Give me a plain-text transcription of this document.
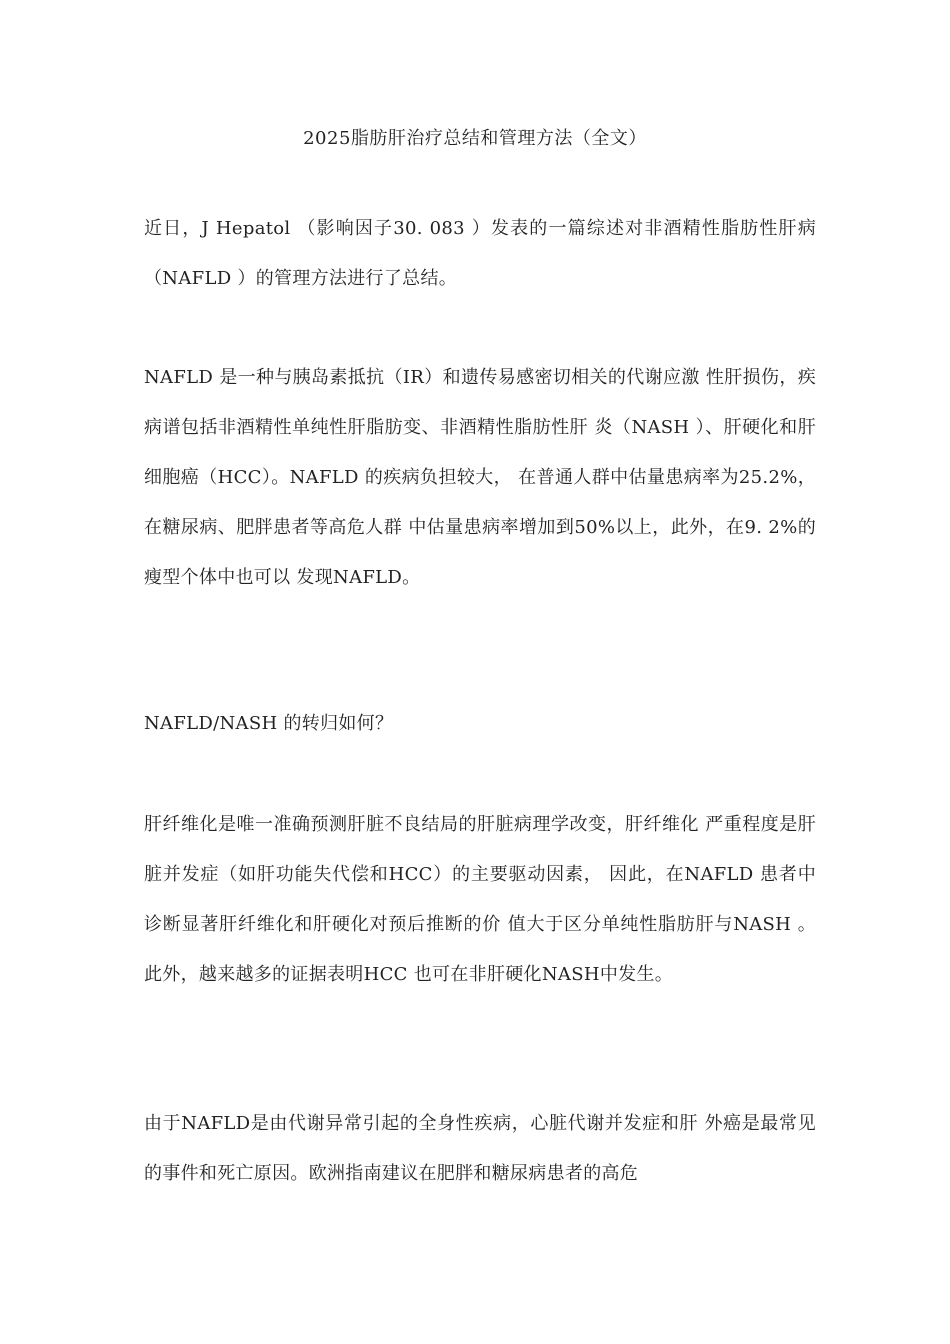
2025脂肪肝治疗总结和管理方法（全文）
近日，J Hepatol （影响因子30. 083 ）发表的一篇综述对非酒精性脂肪性肝病（NAFLD ）的管理方法进行了总结。
NAFLD 是一种与胰岛素抵抗（IR）和遗传易感密切相关的代谢应激 性肝损伤，疾病谱包括非酒精性单纯性肝脂肪变、非酒精性脂肪性肝 炎（NASH ）、肝硬化和肝细胞癌（HCC）。NAFLD 的疾病负担较大， 在普通人群中估量患病率为25.2%，在糖尿病、肥胖患者等高危人群 中估量患病率增加到50%以上，此外，在9. 2%的瘦型个体中也可以 发现NAFLD。
NAFLD/NASH 的转归如何？
肝纤维化是唯一准确预测肝脏不良结局的肝脏病理学改变，肝纤维化 严重程度是肝脏并发症（如肝功能失代偿和HCC）的主要驱动因素， 因此，在NAFLD 患者中诊断显著肝纤维化和肝硬化对预后推断的价 值大于区分单纯性脂肪肝与NASH 。此外，越来越多的证据表明HCC 也可在非肝硬化NASH中发生。
由于NAFLD是由代谢异常引起的全身性疾病，心脏代谢并发症和肝 外癌是最常见的事件和死亡原因。欧洲指南建议在肥胖和糖尿病患者的高危
